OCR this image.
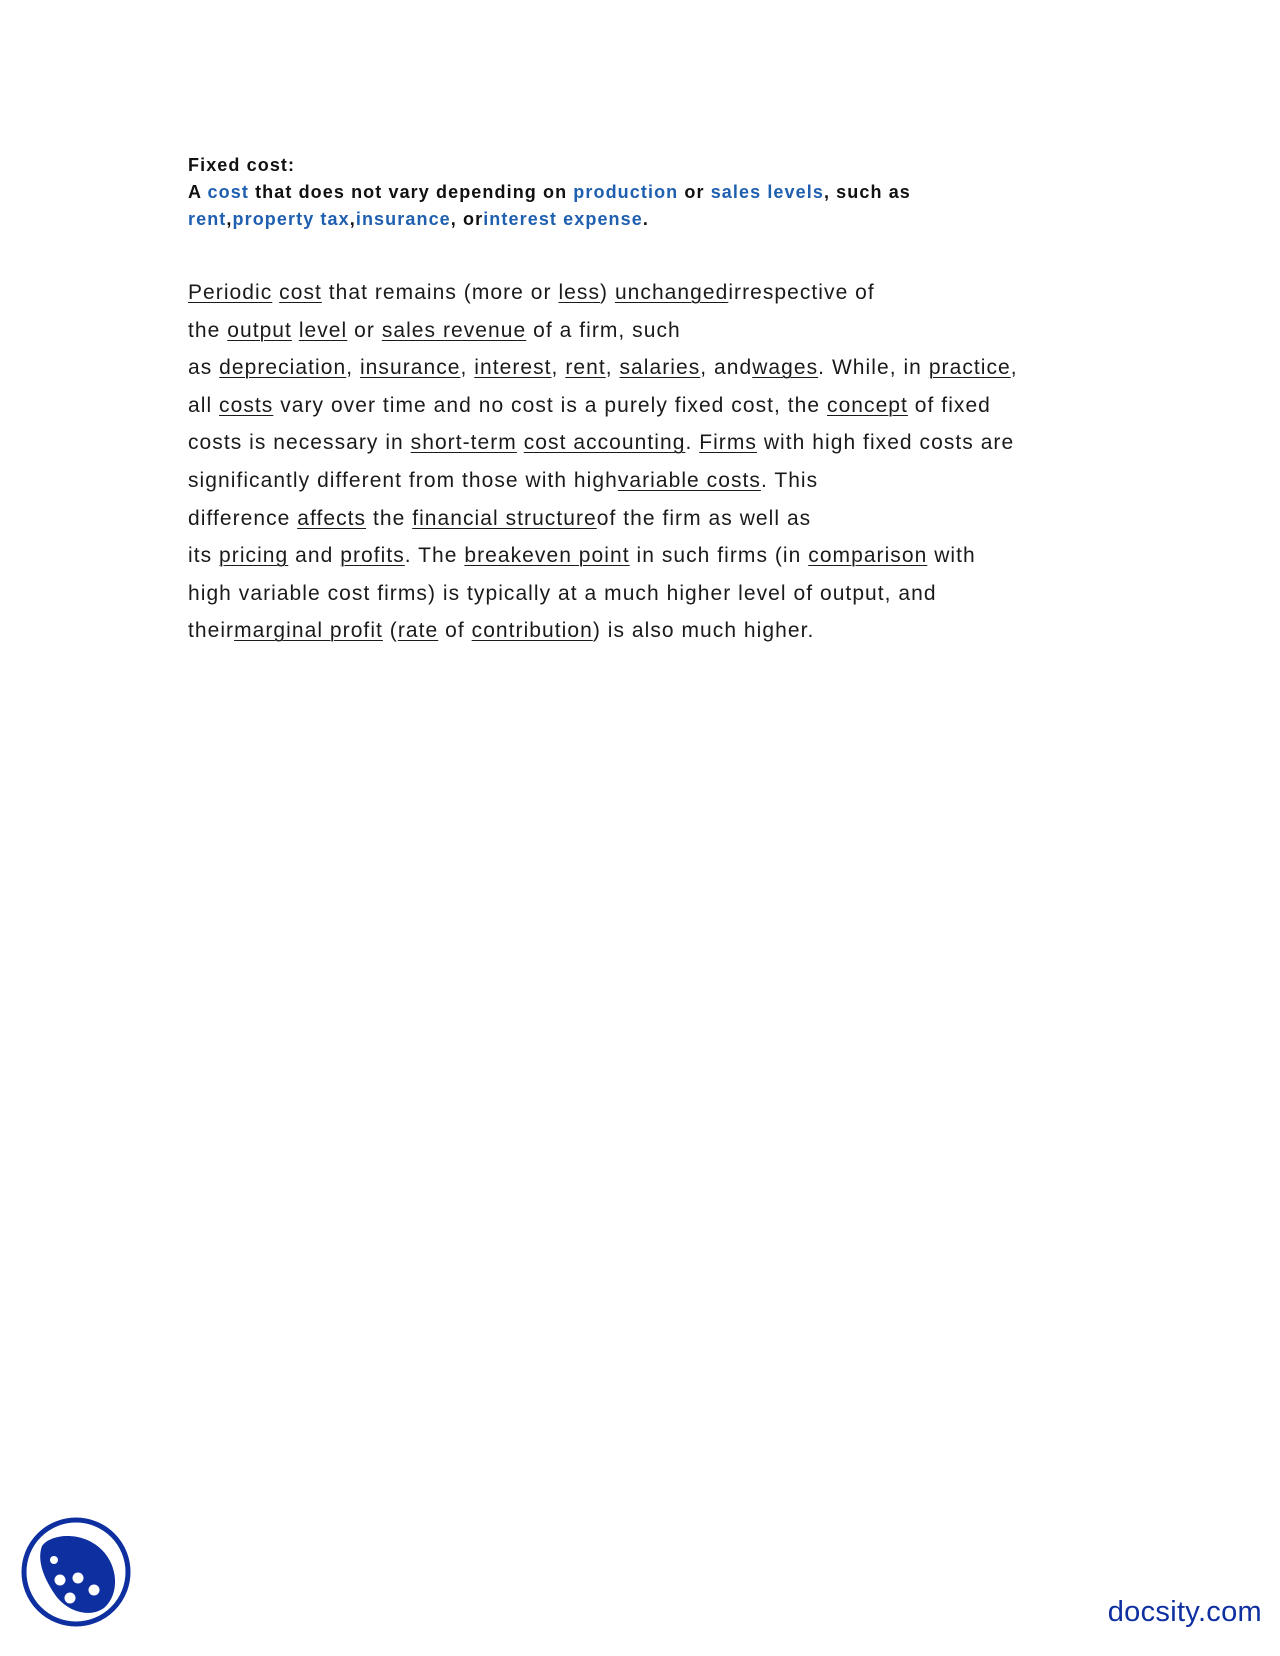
Fixed cost:
A cost that does not vary depending on production or sales levels, such as
rent,property tax,insurance, orinterest expense.
Periodic cost that remains (more or less) unchangedirrespective of
the output level or sales revenue of a firm, such
as depreciation, insurance, interest, rent, salaries, andwages. While, in practice,
all costs vary over time and no cost is a purely fixed cost, the concept of fixed
costs is necessary in short-term cost accounting. Firms with high fixed costs are
significantly different from those with highvariable costs. This
difference affects the financial structureof the firm as well as
its pricing and profits. The breakeven point in such firms (in comparison with
high variable cost firms) is typically at a much higher level of output, and
theirmarginal profit (rate of contribution) is also much higher.
docsity.com
